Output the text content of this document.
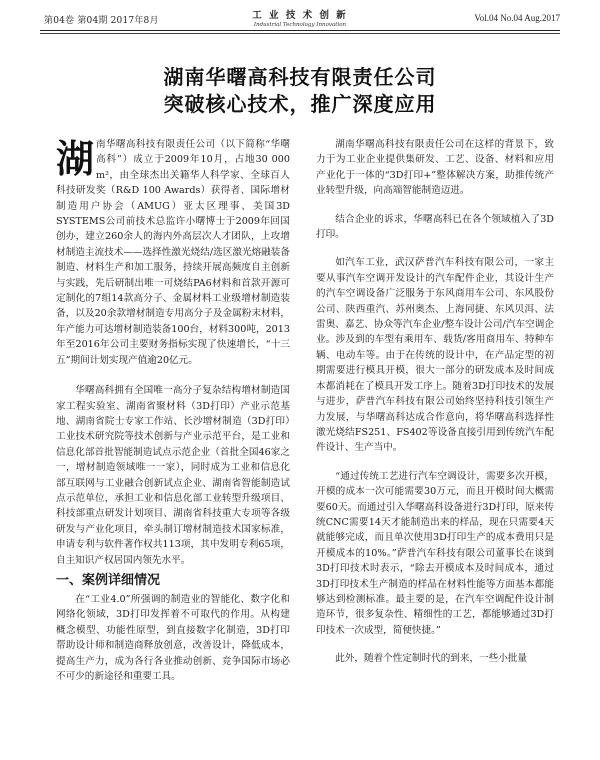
第04卷 第04期 2017年8月	工 业 技 术 创 新
Industrial Technology Innovation
Vol.04 No.04 Aug.2017
湖南华曙高科技有限责任公司
突破核心技术，推广深度应用
湖 南华曙高科技有限责任公司（以下简称“华曙高科”）成立于2009年10月，占地30 000 m²，由全球杰出关籍华人科学家、全球百人科技研发奖（R&D 100 Awards）获得者、国际增材制造用户协会（AMUG）亚太区理事、美国3D SYSTEMS公司前技术总监许小曙博士于2009年回国创办，建立260余人的海内外高层次人才团队，上攻增材制造主流技术——选择性激光烧结/选区激光熔融装备制造、材料生产和加工服务，持续开展高频度自主创新与实践，先后研制出唯一可烧结PA6材料和首款开源可定制化的7组14款高分子、金属材料工业级增材制造装备，以及20余款增材制造专用高分子及金属粉末材料，年产能力可达增材制造装备100台，材料300吨，2013年至2016年公司主要财务指标实现了快速增长，“十三五”期间计划实现产值逾20亿元。

华曙高科拥有全国唯一高分子复杂结构增材制造国家工程实验室、湖南省聚材料（3D打印）产业示范基地、湖南省院士专家工作站、长沙增材制造（3D打印）工业技术研究院等技术创新与产业示范平台，是工业和信息化部首批智能制造试点示范企业（首批全国46家之一，增材制造领域唯一一家），同时成为工业和信息化部互联网与工业融合创新试点企业、湖南省智能制造试点示范单位，承担工业和信息化部工业转型升级项目、科技部重点研发计划项目、湖南省科技重大专项等各级研发与产业化项目，牵头制订增材制造技术国家标准，申请专利与软件著作权共113项，其中发明专利65项，自主知识产权居国内领先水平。

一、案例详细情况

在“工业4.0”所强调的制造业的智能化、数字化和网络化领域，3D打印发挥着不可取代的作用。从构建概念模型、功能性原型，到直接数字化制造，3D打印帮助设计师和制造商释放创意，改善设计，降低成本，提高生产力，成为各行各业推动创新、竞争国际市场必不可少的新途径和重要工具。

湖南华曙高科技有限责任公司在这样的背景下，致力于为工业企业提供集研发、工艺、设备、材料和应用产业化于一体的“3D打印+”整体解决方案，助推传统产业转型升级，向高端智能制造迈进。

结合企业的诉求，华曙高科已在各个领域植入了3D打印。

如汽车工业，武汉萨普汽车科技有限公司，一家主要从事汽车空调开发设计的汽车配件企业，其设计生产的汽车空调设备广泛服务于东风商用车公司、东风股份公司、陕西重汽、苏州奥杰、上海同捷、东风贝洱、法雷奥、嘉艺、协众等汽车企业/整车设计公司/汽车空调企业。涉及到的车型有乘用车、载货/客用商用车、特种车辆、电动车等。由于在传统的设计中，在产品定型的初期需要进行模具开模，很大一部分的研发成本及时间成本都消耗在了模具开发工序上。随着3D打印技术的发展与进步，萨普汽车科技有限公司始终坚持科技引领生产力发展，与华曙高科达成合作意向，将华曙高科选择性激光烧结FS251、FS402等设备直接引用到传统汽车配件设计、生产当中。

“通过传统工艺进行汽车空调设计，需要多次开模，开模的成本一次可能需要30万元，而且开模时间大概需要60天。而通过引入华曙高科设备进行3D打印，原来传统CNC需要14天才能制造出来的样品，现在只需要4天就能够完成，而且单次使用3D打印生产的成本费用只是开模成本的10%。”萨普汽车科技有限公司董事长在谈到3D打印技术时表示，“除去开模成本及时间成本，通过3D打印技术生产制造的样品在材料性能等方面基本都能够达到检测标准。最主要的是，在汽车空调配件设计制造环节，很多复杂性、精细性的工艺，都能够通过3D打印技术一次成型，简便快捷。”

此外，随着个性定制时代的到来，一些小批量
